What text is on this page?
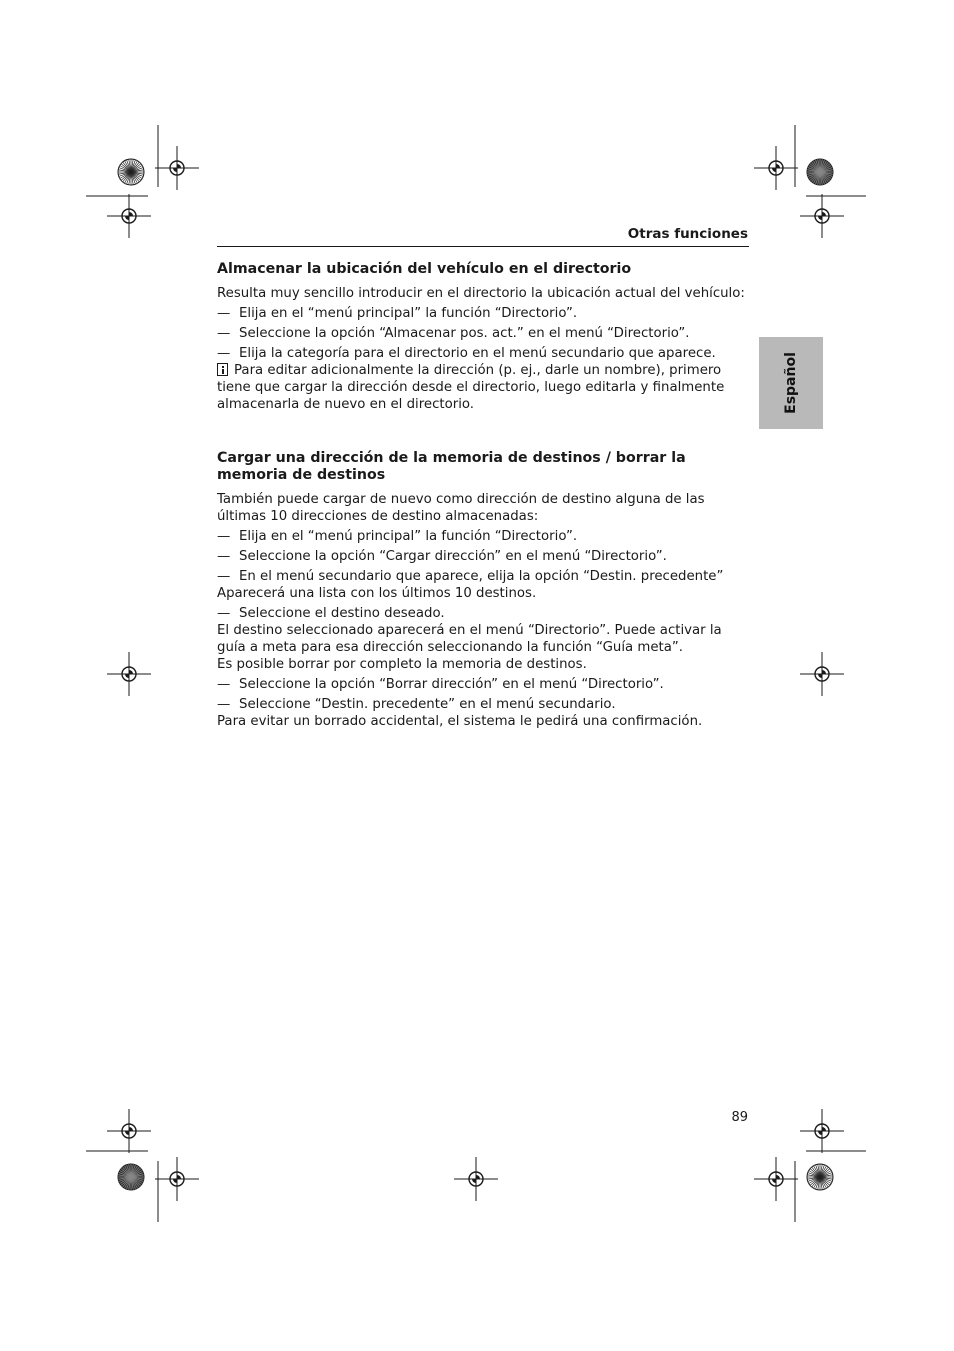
Otras funciones
Español
Almacenar la ubicación del vehículo en el directorio

Resulta muy sencillo introducir en el directorio la ubicación actual del vehículo:

— Elija en el “menú principal” la función “Directorio”.
— Seleccione la opción “Almacenar pos. act.” en el menú “Directorio”.
— Elija la categoría para el directorio en el menú secundario que aparece.

Para editar adicionalmente la dirección (p. ej., darle un nombre), primero tiene que cargar la dirección desde el directorio, luego editarla y finalmente almacenarla de nuevo en el directorio.

Cargar una dirección de la memoria de destinos / borrar la memoria de destinos

También puede cargar de nuevo como dirección de destino alguna de las últimas 10 direcciones de destino almacenadas:

— Elija en el “menú principal” la función “Directorio”.
— Seleccione la opción “Cargar dirección” en el menú “Directorio”.
— En el menú secundario que aparece, elija la opción “Destin. precedente”

Aparecerá una lista con los últimos 10 destinos.

— Seleccione el destino deseado.

El destino seleccionado aparecerá en el menú “Directorio”. Puede activar la guía a meta para esa dirección seleccionando la función “Guía meta”.

Es posible borrar por completo la memoria de destinos.

— Seleccione la opción “Borrar dirección” en el menú “Directorio”.
— Seleccione “Destin. precedente” en el menú secundario.

Para evitar un borrado accidental, el sistema le pedirá una confirmación.

89
